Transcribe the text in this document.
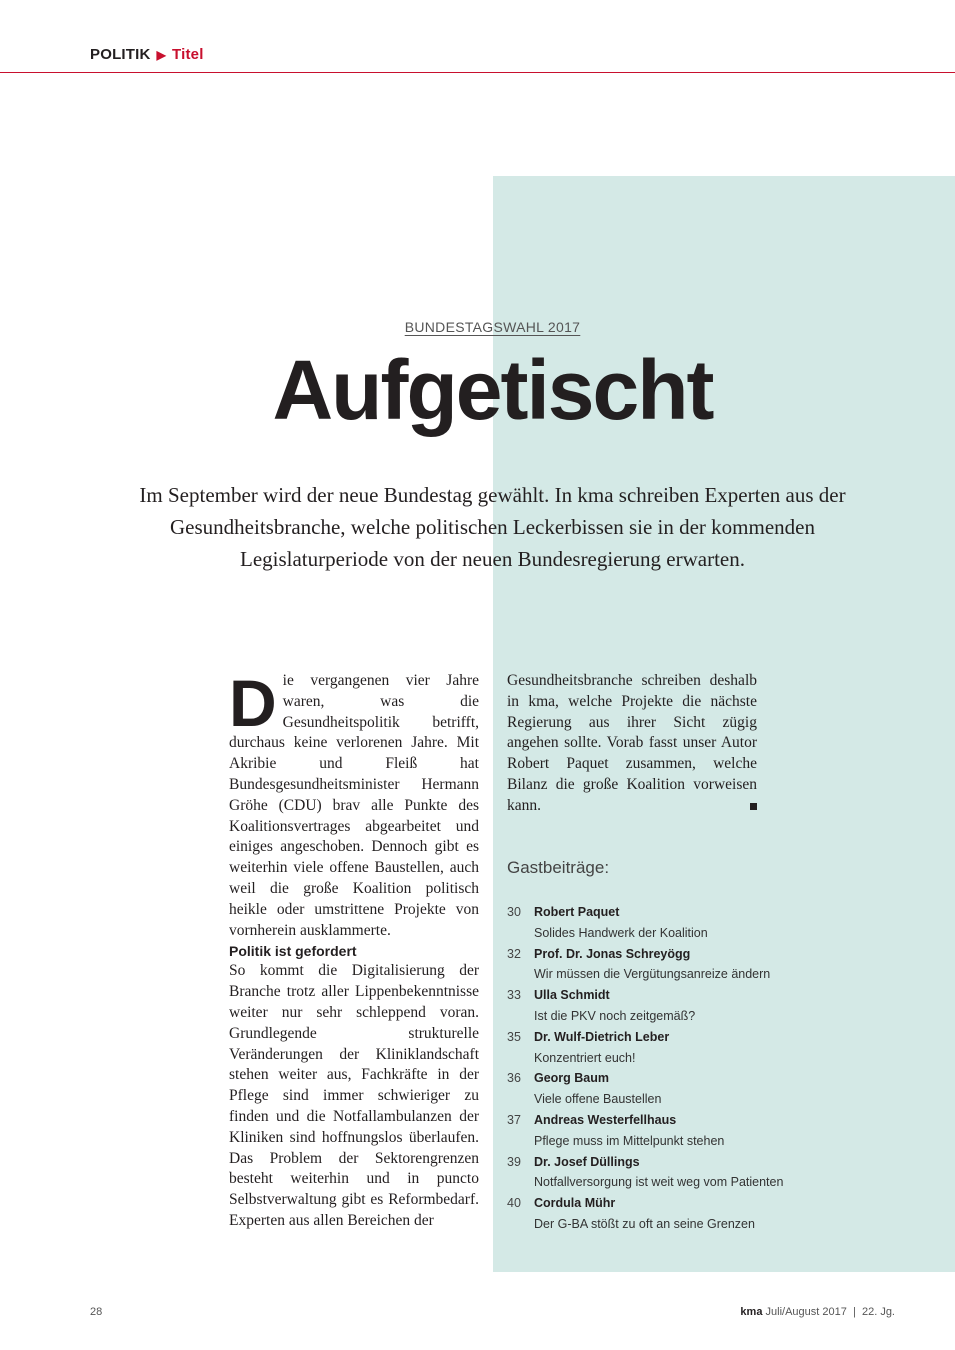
POLITIK ▶ Titel
BUNDESTAGSWAHL 2017
Aufgetischt
Im September wird der neue Bundestag gewählt. In kma schreiben Experten aus der Gesundheitsbranche, welche politischen Leckerbissen sie in der kommenden Legislaturperiode von der neuen Bundesregierung erwarten.

Die vergangenen vier Jahre waren, was die Gesundheitspolitik betrifft, durchaus keine verlorenen Jahre. Mit Akribie und Fleiß hat Bundesgesundheitsminister Hermann Gröhe (CDU) brav alle Punkte des Koalitionsvertrages abgearbeitet und einiges angeschoben. Dennoch gibt es weiterhin viele offene Baustellen, auch weil die große Koalition politisch heikle oder umstrittene Projekte von vornherein ausklammerte.

Politik ist gefordert

So kommt die Digitalisierung der Branche trotz aller Lippenbekenntnisse weiter nur sehr schleppend voran. Grundlegende strukturelle Veränderungen der Kliniklandschaft stehen weiter aus, Fachkräfte in der Pflege sind immer schwieriger zu finden und die Notfallambulanzen der Kliniken sind hoffnungslos überlaufen. Das Problem der Sektorengrenzen besteht weiterhin und in puncto Selbstverwaltung gibt es Reformbedarf. Experten aus allen Bereichen der

Gesundheitsbranche schreiben deshalb in kma, welche Projekte die nächste Regierung aus ihrer Sicht zügig angehen sollte. Vorab fasst unser Autor Robert Paquet zusammen, welche Bilanz die große Koalition vorweisen kann.

Gastbeiträge:
30	Robert Paquet
Solides Handwerk der Koalition
32	Prof. Dr. Jonas Schreyögg
Wir müssen die Vergütungsanreize ändern
33	Ulla Schmidt
Ist die PKV noch zeitgemäß?
35	Dr. Wulf-Dietrich Leber
Konzentriert euch!
36	Georg Baum
Viele offene Baustellen
37	Andreas Westerfellhaus
Pflege muss im Mittelpunkt stehen
39	Dr. Josef Düllings
Notfallversorgung ist weit weg vom Patienten
40	Cordula Mühr
Der G-BA stößt zu oft an seine Grenzen
28	kma Juli/August 2017 | 22. Jg.
